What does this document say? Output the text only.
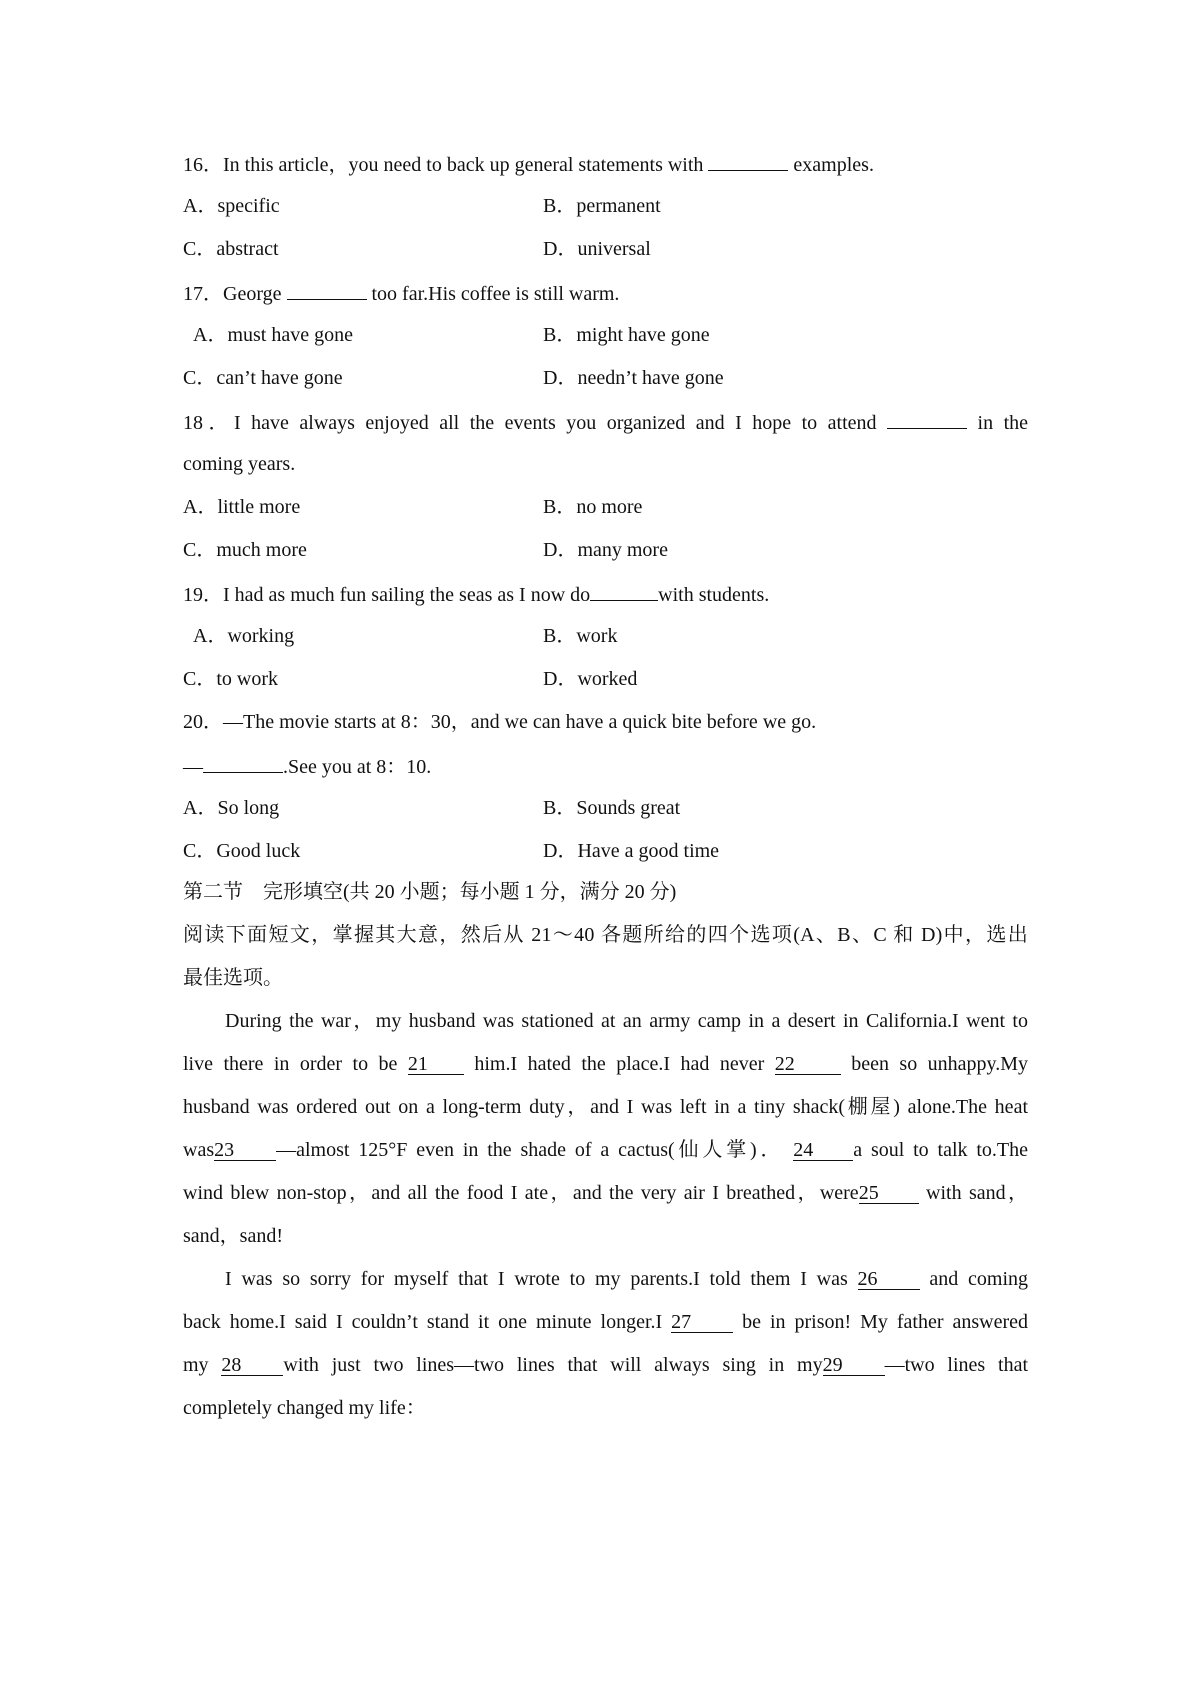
16．In this article，you need to back up general statements with	examples.
A．specific	B．permanent
C．abstract	D．universal
17．George	too far.His coffee is still warm.
A．must have gone	B．might have gone
C．can’t have gone	D．needn’t have gone
18．I have always enjoyed all the events you organized and I hope to attend	in the
coming years.
A．little more	B．no more
C．much more	D．many more
19．I had as much fun sailing the seas as I now do	with students.
A．working	B．work
C．to work	D．worked
20．—The movie starts at 8：30，and we can have a quick bite before we go.
—	.See you at 8：10.
A．So long	B．Sounds great
C．Good luck	D．Have a good time
第二节　完形填空(共 20 小题；每小题 1 分，满分 20 分)
阅读下面短文，掌握其大意，然后从 21～40 各题所给的四个选项(A、B、C 和 D)中，选出
最佳选项。
During the war，my husband was stationed at an army camp in a desert in California.I went to
live there in order to be 21 him.I hated the place.I had never 22	been so unhappy.My
husband was ordered out on a long-term duty，and I was left in a tiny shack(棚屋) alone.The heat
was23 —almost 125°F even in the shade of a cactus(仙人掌)． 24 a soul to talk to.The
wind blew non-stop，and all the food I ate，and the very air I breathed，were25 with sand，
sand，sand!
I was so sorry for myself that I wrote to my parents.I told them I was 26	and coming
back home.I said I couldn’t stand it one minute longer.I 27	be in prison! My father answered
my 28 with just two lines—two lines that will always sing in my29 —two lines that
completely changed my life：
